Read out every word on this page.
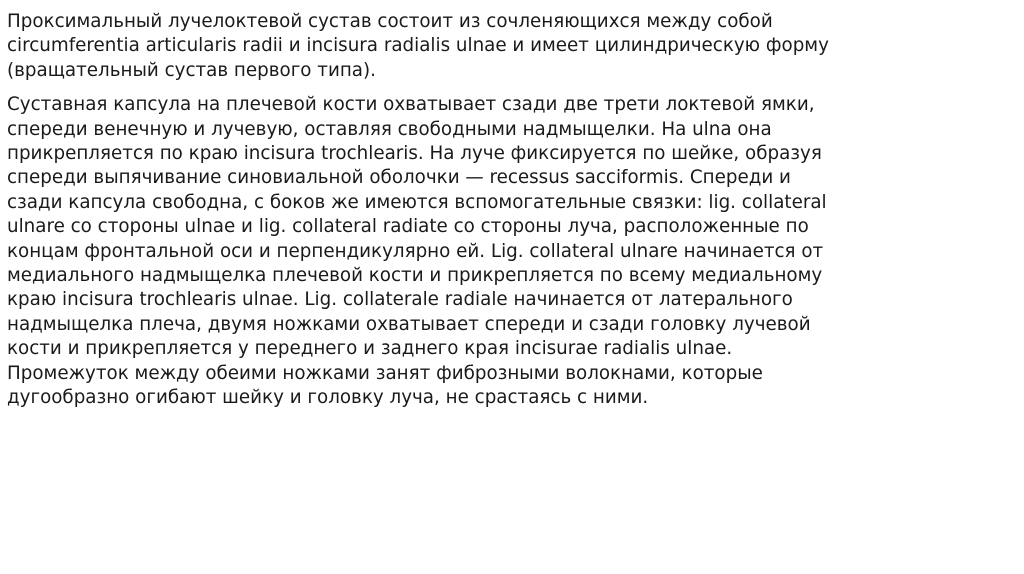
Проксимальный лучелоктевой сустав состоит из сочленяющихся между собой
circumferentia articularis radii и incisura radialis ulnae и имеет цилиндрическую форму
(вращательный сустав первого типа).

Суставная капсула на плечевой кости охватывает сзади две трети локтевой ямки,
спереди венечную и лучевую, оставляя свободными надмыщелки. На ulna она
прикрепляется по краю incisura trochlearis. На луче фиксируется по шейке, образуя
спереди выпячивание синовиальной оболочки — recessus sacciformis. Спереди и
сзади капсула свободна, с боков же имеются вспомогательные связки: lig. collateral
ulnare со стороны ulnae и lig. collateral radiate со стороны луча, расположенные по
концам фронтальной оси и перпендикулярно ей. Lig. collateral ulnare начинается от
медиального надмыщелка плечевой кости и прикрепляется по всему медиальному
краю incisura trochlearis ulnae. Lig. collaterale radiale начинается от латерального
надмыщелка плеча, двумя ножками охватывает спереди и сзади головку лучевой
кости и прикрепляется у переднего и заднего края incisurae radialis ulnae.
Промежуток между обеими ножками занят фиброзными волокнами, которые
дугообразно огибают шейку и головку луча, не срастаясь с ними.
